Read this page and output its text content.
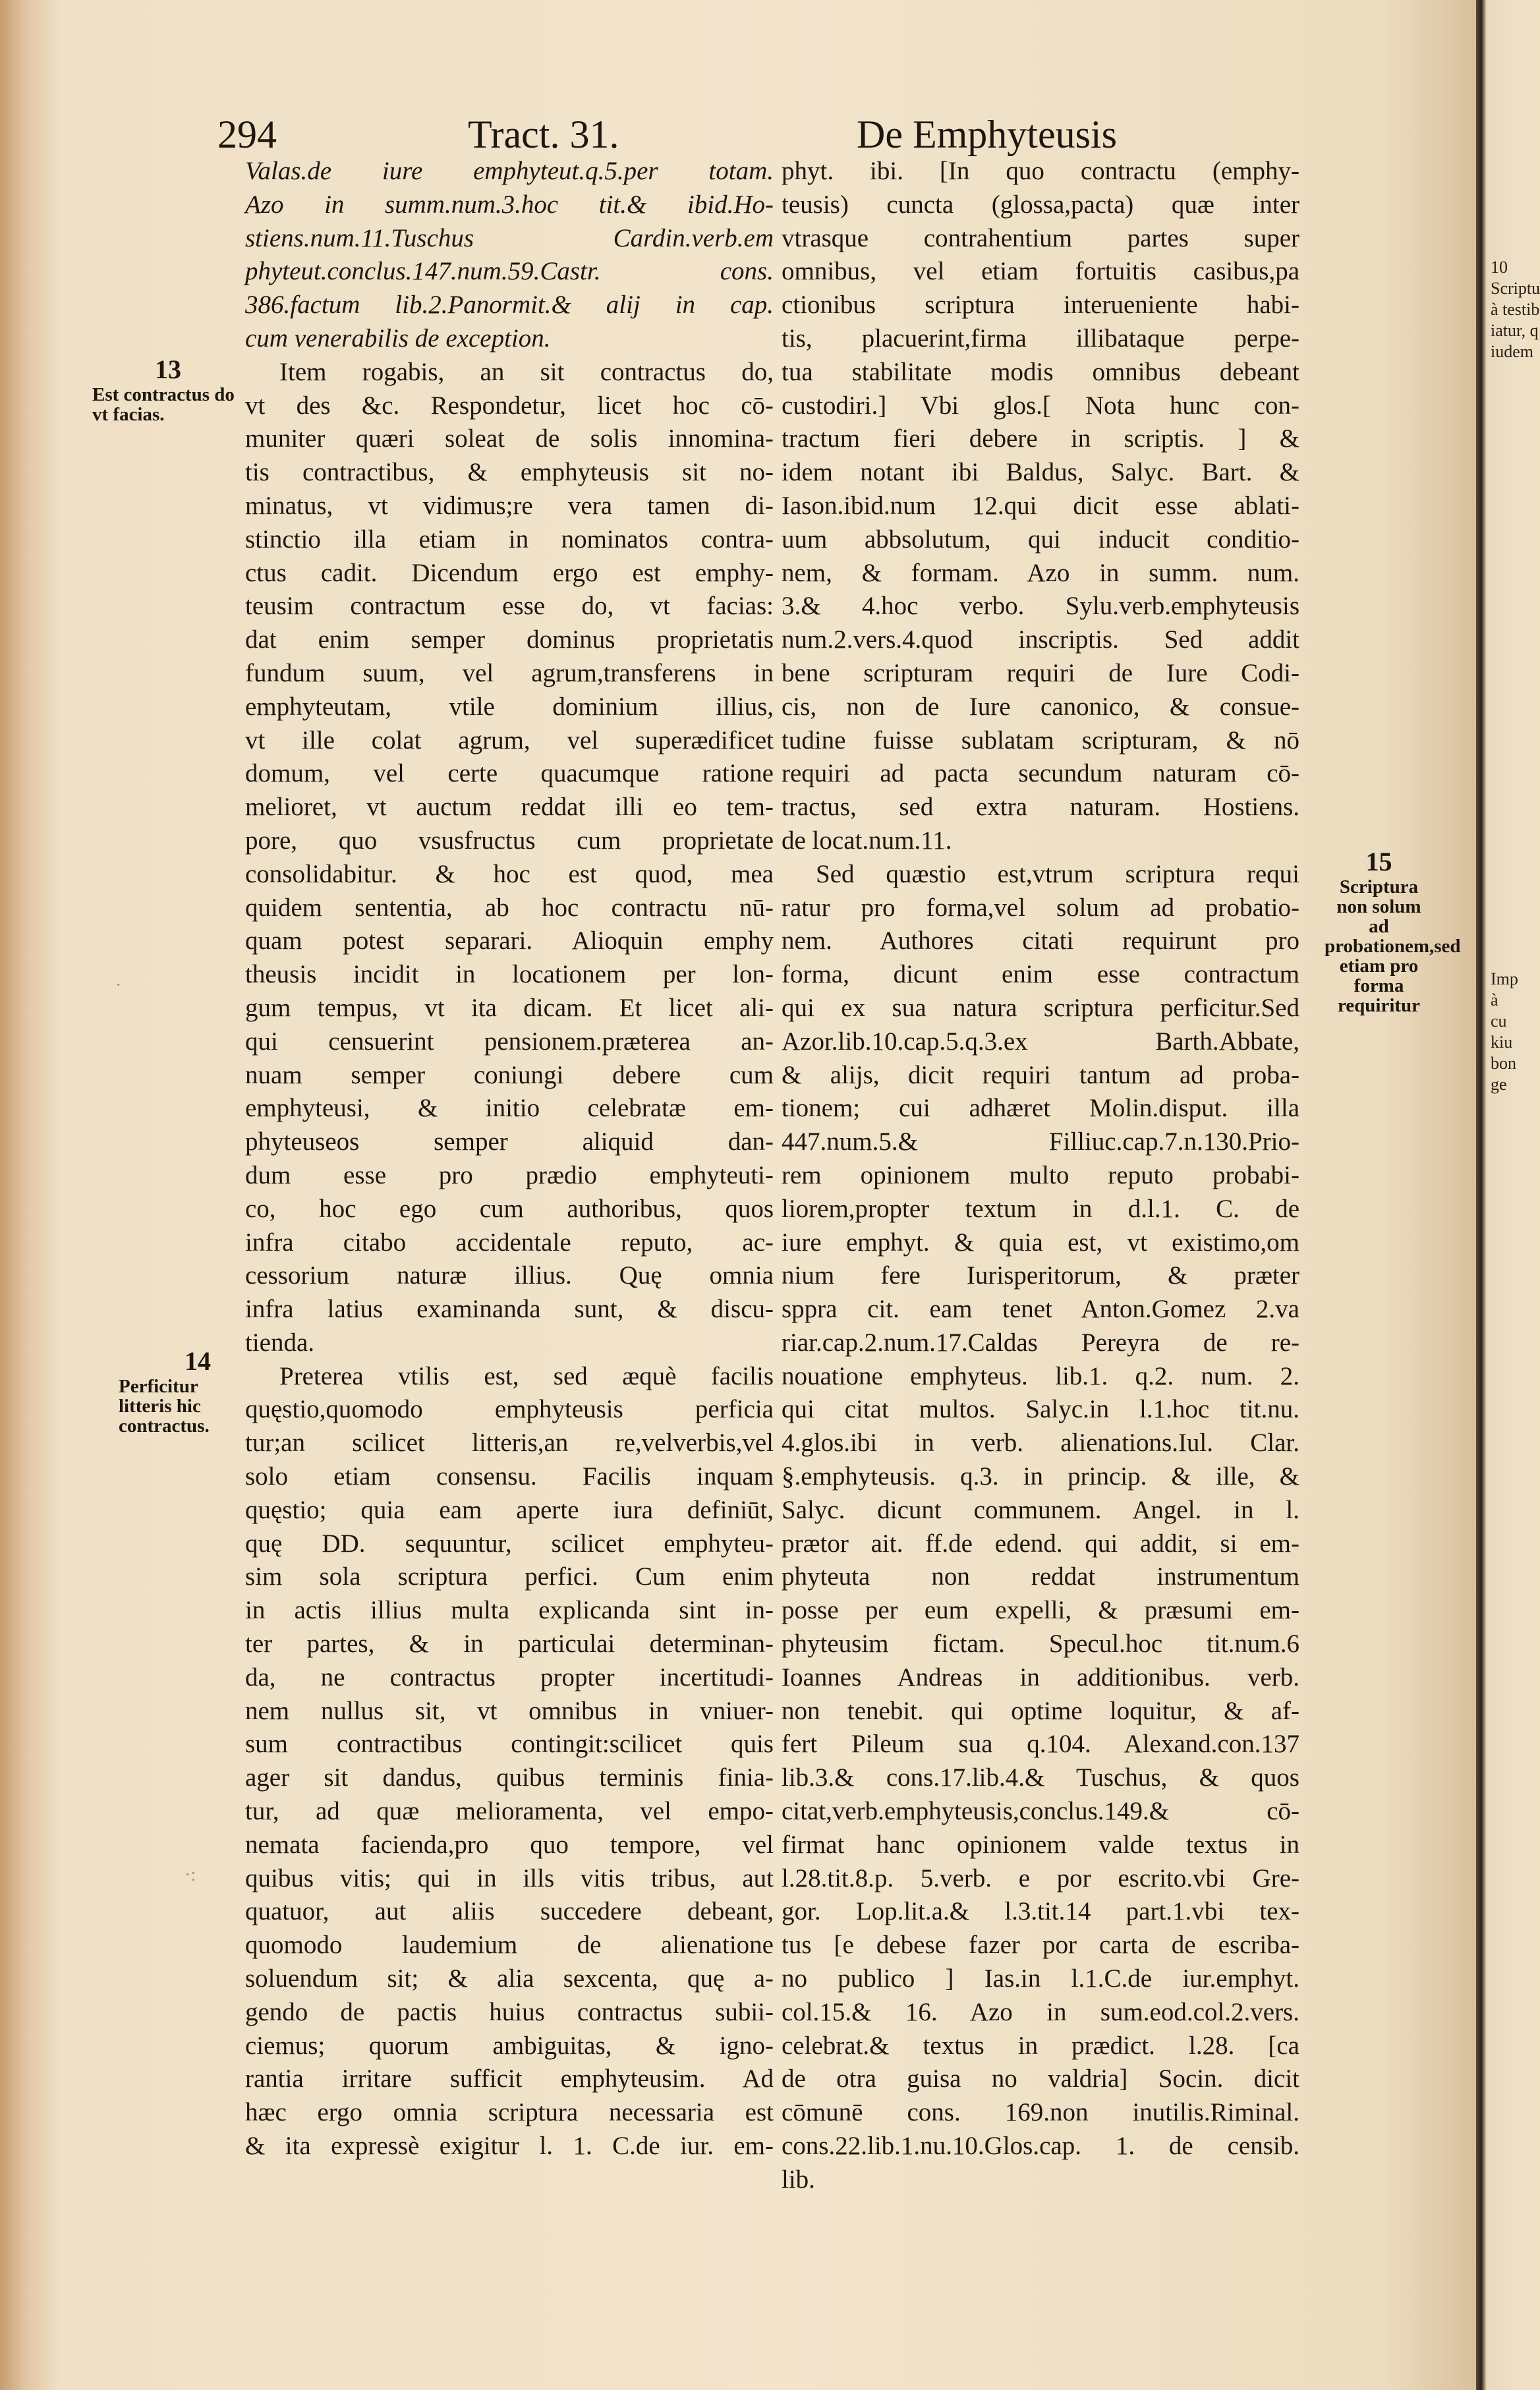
10
Scriptu
à testib
iatur, q
iudem
Imp
à
cu
kiu
bon
ge
294	Tract. 31.	De Emphyteusis
Valas.de iure emphyteut.q.5.per totam.
Azo in summ.num.3.hoc tit.& ibid.Ho-
stiens.num.11.Tuschus Cardin.verb.em
phyteut.conclus.147.num.59.Castr. cons.
386.factum lib.2.Panormit.& alij in cap.
cum venerabilis de exception.
Item rogabis, an sit contractus do,
vt des &c. Respondetur, licet hoc cō-
muniter quæri soleat de solis innomina-
tis contractibus, & emphyteusis sit no-
minatus, vt vidimus;re vera tamen di-
stinctio illa etiam in nominatos contra-
ctus cadit. Dicendum ergo est emphy-
teusim contractum esse do, vt facias:
dat enim semper dominus proprietatis
fundum suum, vel agrum,transferens in
emphyteutam, vtile dominium illius,
vt ille colat agrum, vel superædificet
domum, vel certe quacumque ratione
melioret, vt auctum reddat illi eo tem-
pore, quo vsusfructus cum proprietate
consolidabitur. & hoc est quod, mea
quidem sententia, ab hoc contractu nū-
quam potest separari. Alioquin emphy
theusis incidit in locationem per lon-
gum tempus, vt ita dicam. Et licet ali-
qui censuerint pensionem.præterea an-
nuam semper coniungi debere cum
emphyteusi, & initio celebratæ em-
phyteuseos semper aliquid dan-
dum esse pro prædio emphyteuti-
co, hoc ego cum authoribus, quos
infra citabo accidentale reputo, ac-
cessorium naturæ illius. Quę omnia
infra latius examinanda sunt, & discu-
tienda.
Preterea vtilis est, sed æquè facilis
quęstio,quomodo emphyteusis perficia
tur;an scilicet litteris,an re,velverbis,vel
solo etiam consensu. Facilis inquam
quęstio; quia eam aperte iura definiūt,
quę DD. sequuntur, scilicet emphyteu-
sim sola scriptura perfici. Cum enim
in actis illius multa explicanda sint in-
ter partes, & in particulai determinan-
da, ne contractus propter incertitudi-
nem nullus sit, vt omnibus in vniuer-
sum contractibus contingit:scilicet quis
ager sit dandus, quibus terminis finia-
tur, ad quæ melioramenta, vel empo-
nemata facienda,pro quo tempore, vel
quibus vitis; qui in ills vitis tribus, aut
quatuor, aut aliis succedere debeant,
quomodo laudemium de alienatione
soluendum sit; & alia sexcenta, quę a-
gendo de pactis huius contractus subii-
ciemus; quorum ambiguitas, & igno-
rantia irritare sufficit emphyteusim. Ad
hæc ergo omnia scriptura necessaria est
& ita expressè exigitur l. 1. C.de iur. em-
phyt. ibi. [In quo contractu (emphy-
teusis) cuncta (glossa,pacta) quæ inter
vtrasque contrahentium partes super
omnibus, vel etiam fortuitis casibus,pa
ctionibus scriptura interueniente habi-
tis, placuerint,firma illibataque perpe-
tua stabilitate modis omnibus debeant
custodiri.] Vbi glos.[ Nota hunc con-
tractum fieri debere in scriptis. ] &
idem notant ibi Baldus, Salyc. Bart. &
Iason.ibid.num 12.qui dicit esse ablati-
uum abbsolutum, qui inducit conditio-
nem, & formam. Azo in summ. num.
3.& 4.hoc verbo. Sylu.verb.emphyteusis
num.2.vers.4.quod inscriptis. Sed addit
bene scripturam requiri de Iure Codi-
cis, non de Iure canonico, & consue-
tudine fuisse sublatam scripturam, & nō
requiri ad pacta secundum naturam cō-
tractus, sed extra naturam. Hostiens.
de locat.num.11.
Sed quæstio est,vtrum scriptura requi
ratur pro forma,vel solum ad probatio-
nem. Authores citati requirunt pro
forma, dicunt enim esse contractum
qui ex sua natura scriptura perficitur.Sed
Azor.lib.10.cap.5.q.3.ex Barth.Abbate,
& alijs, dicit requiri tantum ad proba-
tionem; cui adhæret Molin.disput. illa
447.num.5.& Filliuc.cap.7.n.130.Prio-
rem opinionem multo reputo probabi-
liorem,propter textum in d.l.1. C. de
iure emphyt. & quia est, vt existimo,om
nium fere Iurisperitorum, & præter
sppra cit. eam tenet Anton.Gomez 2.va
riar.cap.2.num.17.Caldas Pereyra de re-
nouatione emphyteus. lib.1. q.2. num. 2.
qui citat multos. Salyc.in l.1.hoc tit.nu.
4.glos.ibi in verb. alienations.Iul. Clar.
§.emphyteusis. q.3. in princip. & ille, &
Salyc. dicunt communem. Angel. in l.
prætor ait. ff.de edend. qui addit, si em-
phyteuta non reddat instrumentum
posse per eum expelli, & præsumi em-
phyteusim fictam. Specul.hoc tit.num.6
Ioannes Andreas in additionibus. verb.
non tenebit. qui optime loquitur, & af-
fert Pileum sua q.104. Alexand.con.137
lib.3.& cons.17.lib.4.& Tuschus, & quos
citat,verb.emphyteusis,conclus.149.& cō-
firmat hanc opinionem valde textus in
l.28.tit.8.p. 5.verb. e por escrito.vbi Gre-
gor. Lop.lit.a.& l.3.tit.14 part.1.vbi tex-
tus [e debese fazer por carta de escriba-
no publico ] Ias.in l.1.C.de iur.emphyt.
col.15.& 16. Azo in sum.eod.col.2.vers.
celebrat.& textus in prædict. l.28. [ca
de otra guisa no valdria] Socin. dicit
cōmunē cons. 169.non inutilis.Riminal.
cons.22.lib.1.nu.10.Glos.cap. 1. de censib.
lib.
13
Est contractus do vt facias.
14
Perficitur litteris hic contractus.
15
Scriptura non solum ad probationem,sed etiam pro forma requiritur
·
·:
